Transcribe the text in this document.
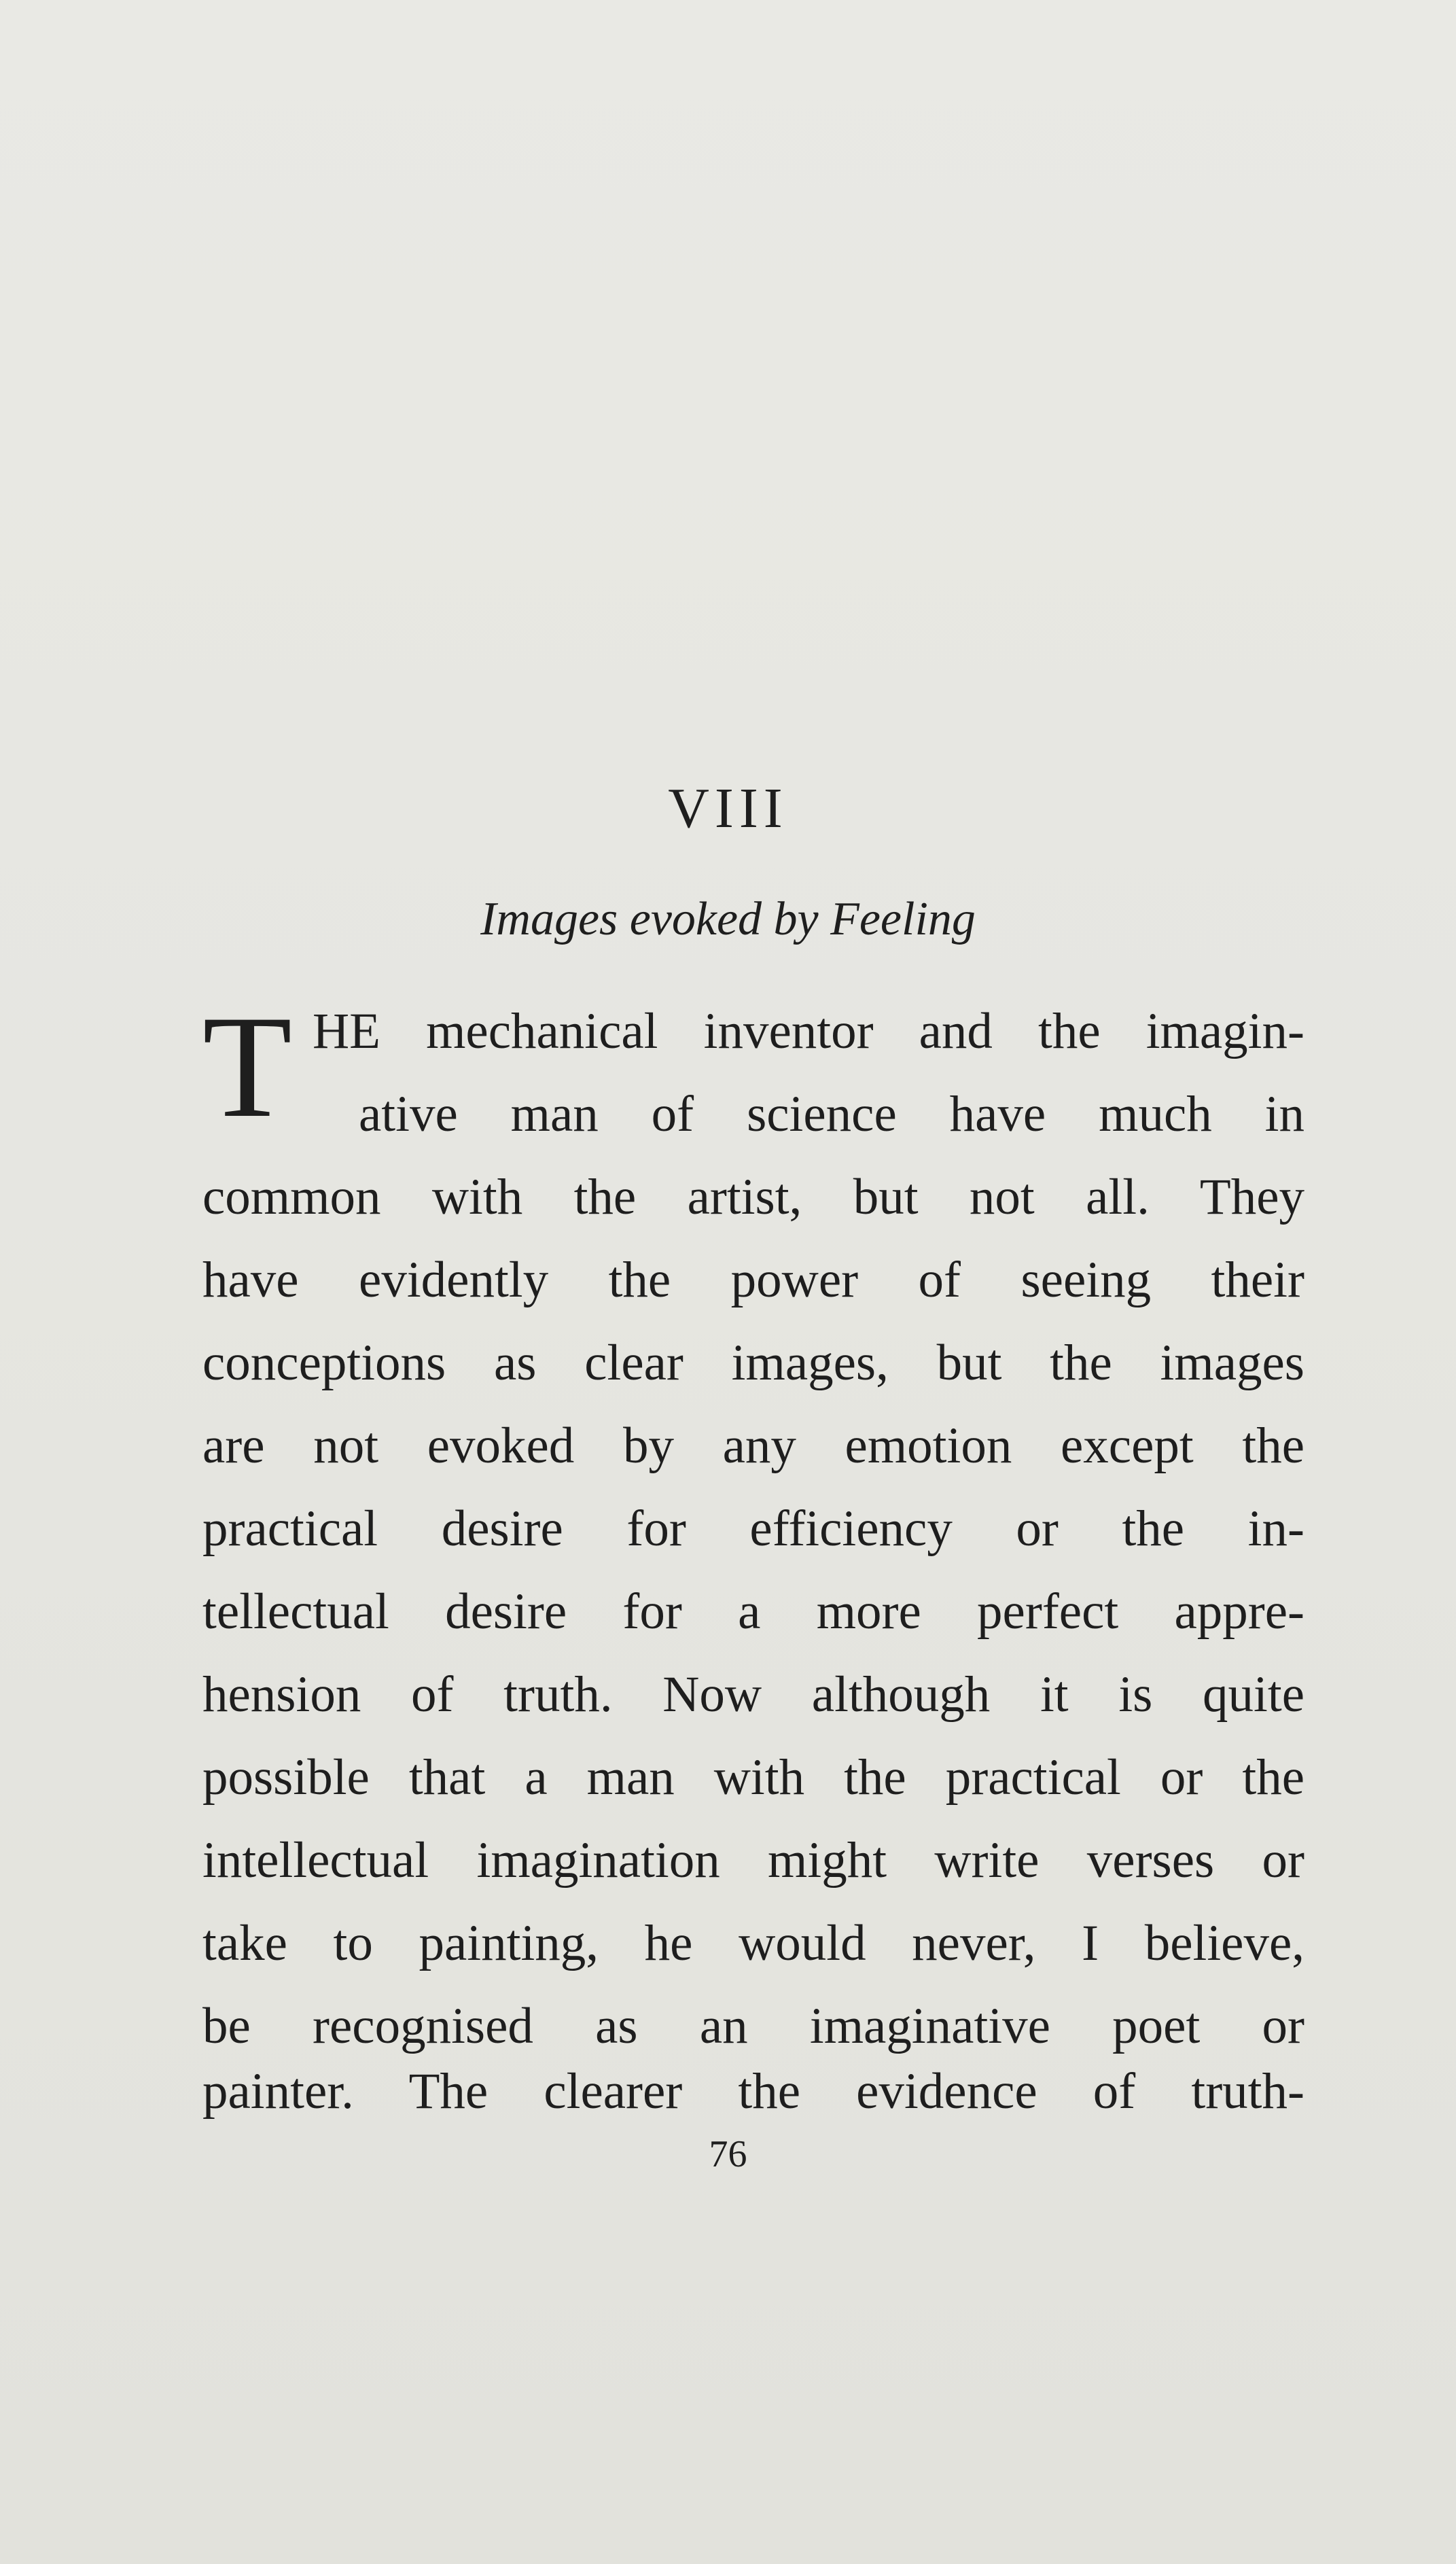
VIII
Images evoked by Feeling
T HE mechanical inventor and the imagin-
ative man of science have much in
common with the artist, but not all. They
have evidently the power of seeing their
conceptions as clear images, but the images
are not evoked by any emotion except the
practical desire for efficiency or the in-
tellectual desire for a more perfect appre-
hension of truth. Now although it is quite
possible that a man with the practical or the
intellectual imagination might write verses or
take to painting, he would never, I believe,
be recognised as an imaginative poet or
painter. The clearer the evidence of truth-
76
